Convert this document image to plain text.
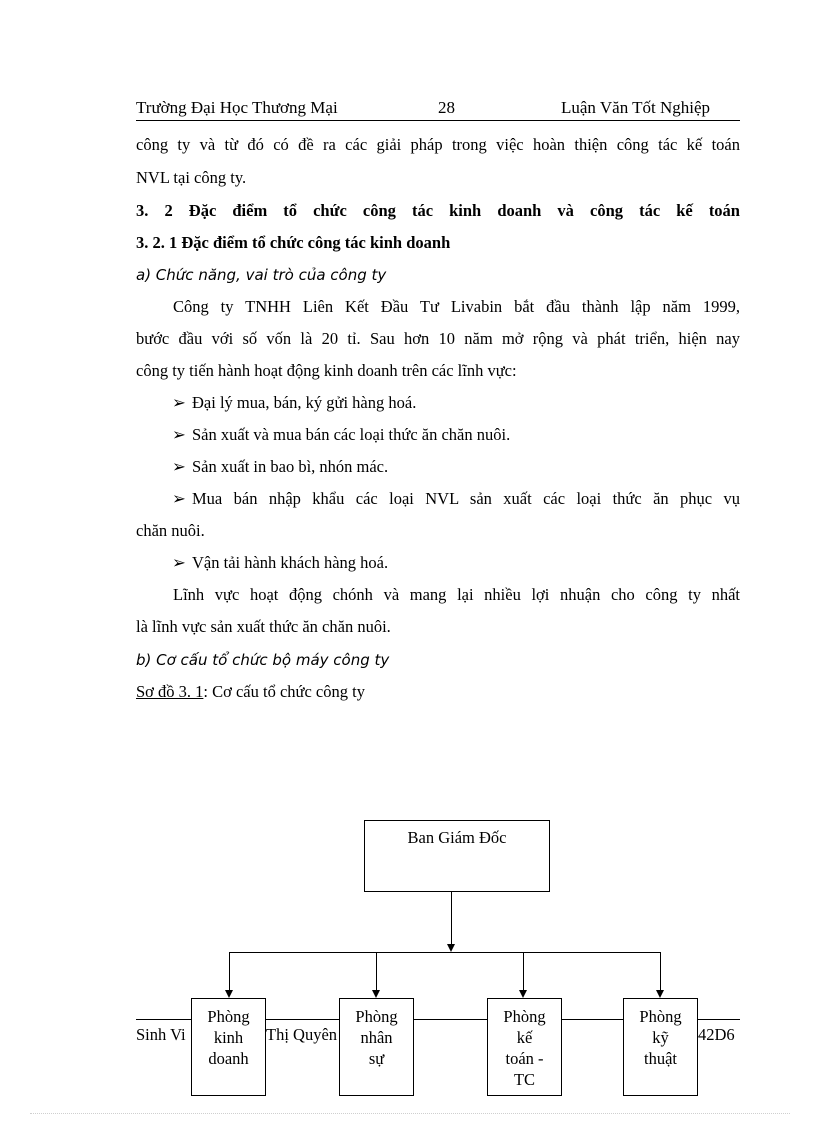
Trường Đại Học Thương Mại	28	Luận Văn Tốt Nghiệp
công ty và từ đó có đề ra các giải pháp trong việc hoàn thiện công tác kế toán
NVL tại công ty.
3. 2 Đặc điểm tổ chức công tác kinh doanh và công tác kế toán
3. 2. 1 Đặc điểm tổ chức công tác kinh doanh
a) Chức năng, vai trò của công ty
Công ty TNHH Liên Kết Đầu Tư Livabin bắt đầu thành lập năm 1999,
bước đầu với số vốn là 20 tỉ. Sau hơn 10 năm mở rộng và phát triển, hiện nay
công ty tiến hành hoạt động kinh doanh trên các lĩnh vực:
➢ Đại lý mua, bán, ký gửi hàng hoá.
➢ Sản xuất và mua bán các loại thức ăn chăn nuôi.
➢ Sản xuất in bao bì, nhón mác.
➢ Mua bán nhập khẩu các loại NVL sản xuất các loại thức ăn phục vụ
chăn nuôi.
➢ Vận tải hành khách hàng hoá.
Lĩnh vực hoạt động chónh và mang lại nhiều lợi nhuận cho công ty nhất
là lĩnh vực sản xuất thức ăn chăn nuôi.
b) Cơ cấu tổ chức bộ máy công ty
Sơ đồ 3. 1: Cơ cấu tổ chức công ty
Sinh Vi	Thị Quyên	42D6
Ban Giám Đốc
Phòng
kinh
doanh
Phòng
nhân
sự
Phòng
kế
toán -
TC
Phòng
kỹ
thuật
